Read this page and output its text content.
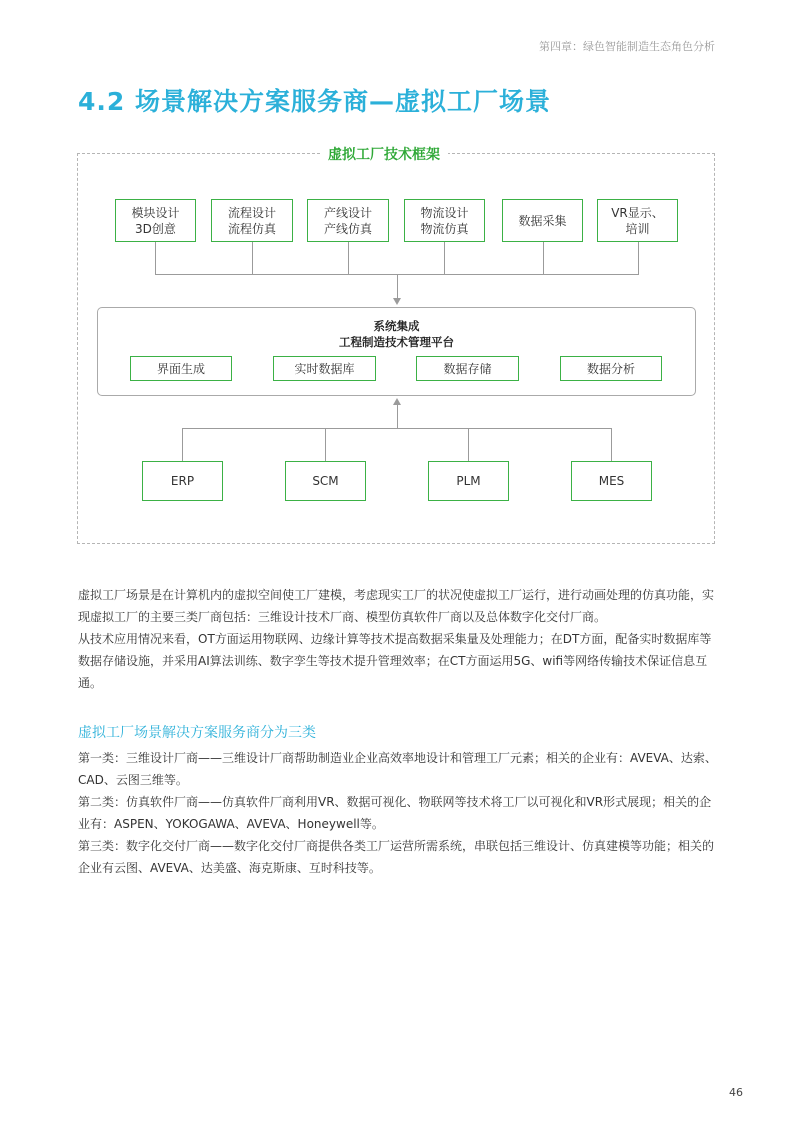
第四章：绿色智能制造生态角色分析
4.2 场景解决方案服务商—虚拟工厂场景
虚拟工厂技术框架
模块设计
3D创意
流程设计
流程仿真
产线设计
产线仿真
物流设计
物流仿真
数据采集
VR显示、
培训
系统集成
工程制造技术管理平台
界面生成	实时数据库	数据存储	数据分析
ERP	SCM	PLM	MES

虚拟工厂场景是在计算机内的虚拟空间使工厂建模，考虑现实工厂的状况使虚拟工厂运行，进行动画处理的仿真功能，实现虚拟工厂的主要三类厂商包括：三维设计技术厂商、模型仿真软件厂商以及总体数字化交付厂商。

从技术应用情况来看，OT方面运用物联网、边缘计算等技术提高数据采集量及处理能力；在DT方面，配备实时数据库等数据存储设施，并采用AI算法训练、数字孪生等技术提升管理效率；在CT方面运用5G、wifi等网络传输技术保证信息互通。

虚拟工厂场景解决方案服务商分为三类

第一类：三维设计厂商——三维设计厂商帮助制造业企业高效率地设计和管理工厂元素；相关的企业有：AVEVA、达索、CAD、云图三维等。

第二类：仿真软件厂商——仿真软件厂商利用VR、数据可视化、物联网等技术将工厂以可视化和VR形式展现；相关的企业有：ASPEN、YOKOGAWA、AVEVA、Honeywell等。

第三类：数字化交付厂商——数字化交付厂商提供各类工厂运营所需系统，串联包括三维设计、仿真建模等功能；相关的企业有云图、AVEVA、达美盛、海克斯康、互时科技等。

46
